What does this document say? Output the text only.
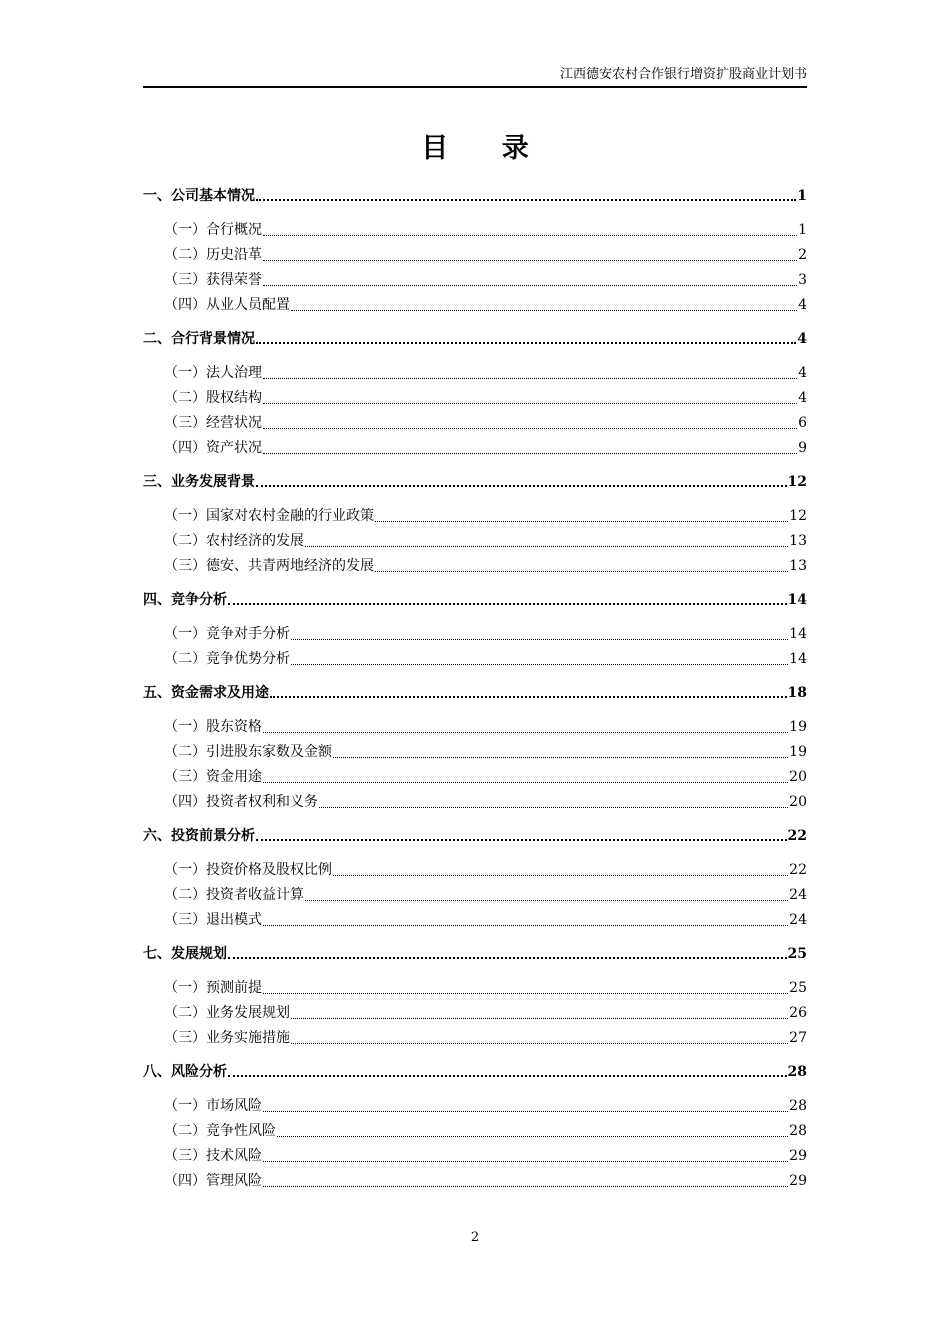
江西德安农村合作银行增资扩股商业计划书
目 录
一、公司基本情况	1
（一）合行概况	1
（二）历史沿革	2
（三）获得荣誉	3
（四）从业人员配置	4
二、合行背景情况	4
（一）法人治理	4
（二）股权结构	4
（三）经营状况	6
（四）资产状况	9
三、业务发展背景	12
（一）国家对农村金融的行业政策	12
（二）农村经济的发展	13
（三）德安、共青两地经济的发展	13
四、竞争分析	14
（一）竞争对手分析	14
（二）竞争优势分析	14
五、资金需求及用途	18
（一）股东资格	19
（二）引进股东家数及金额	19
（三）资金用途	20
（四）投资者权利和义务	20
六、投资前景分析	22
（一）投资价格及股权比例	22
（二）投资者收益计算	24
（三）退出模式	24
七、发展规划	25
（一）预测前提	25
（二）业务发展规划	26
（三）业务实施措施	27
八、风险分析	28
（一）市场风险	28
（二）竞争性风险	28
（三）技术风险	29
（四）管理风险	29
2
